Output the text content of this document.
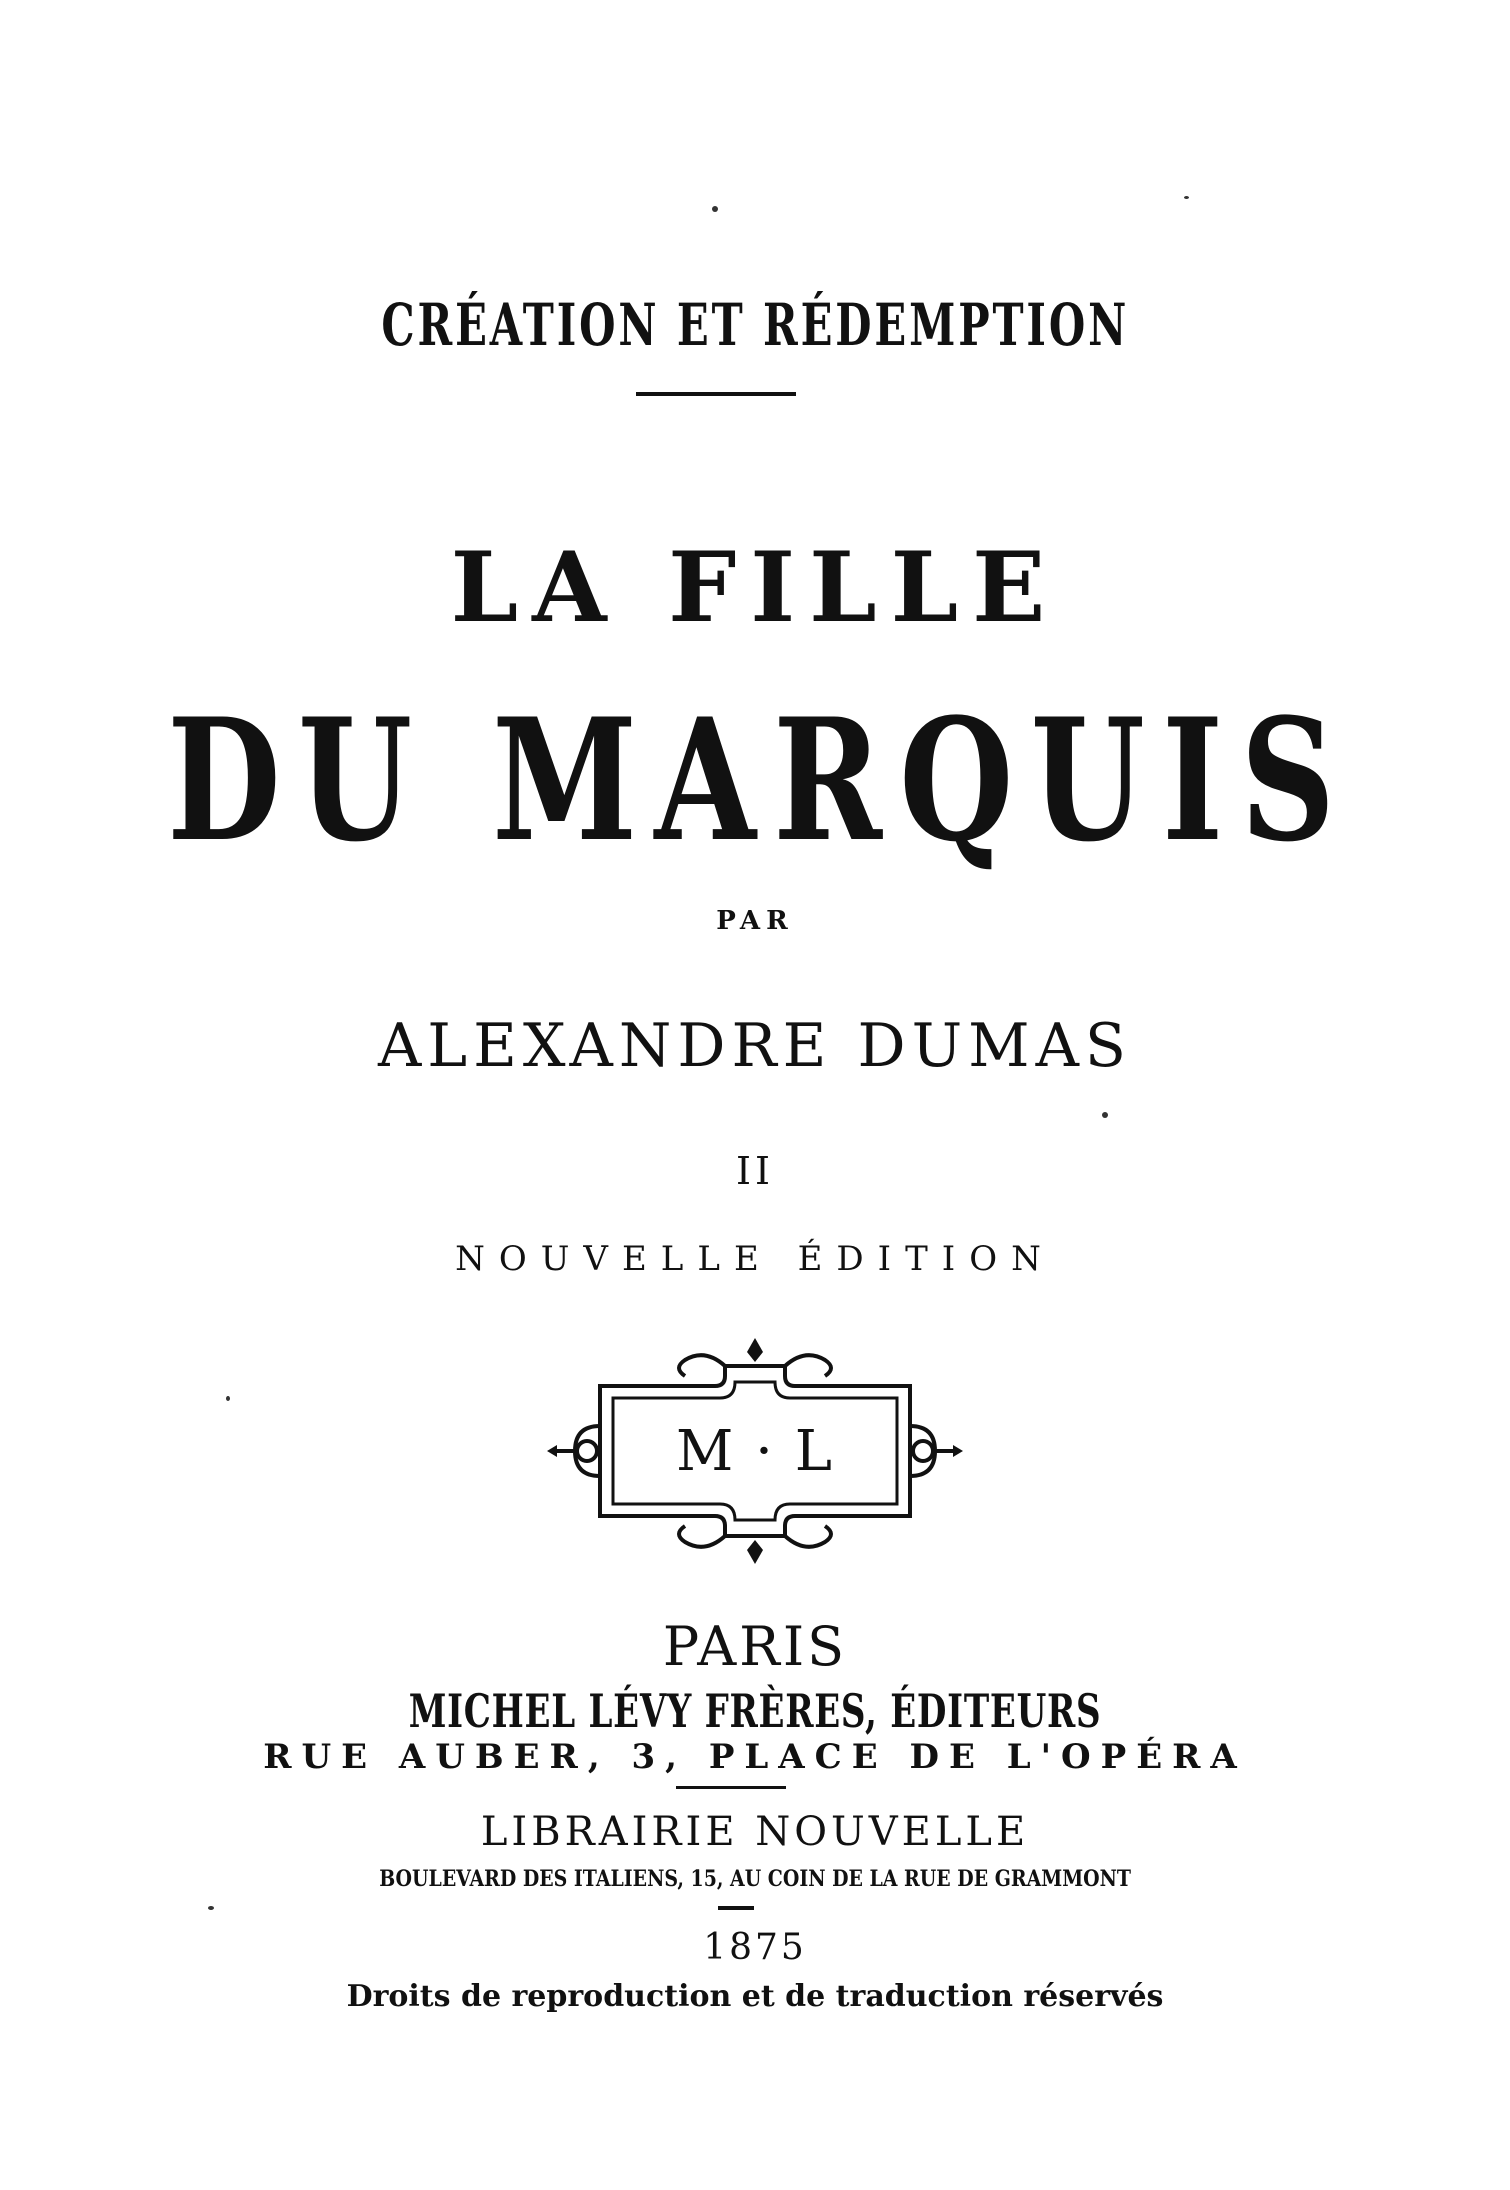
CRÉATION ET RÉDEMPTION
LA FILLE
DU MARQUIS
PAR
ALEXANDRE DUMAS
II
NOUVELLE ÉDITION
M · L
PARIS
MICHEL LÉVY FRÈRES, ÉDITEURS
RUE AUBER, 3, PLACE DE L'OPÉRA
LIBRAIRIE NOUVELLE
BOULEVARD DES ITALIENS, 15, AU COIN DE LA RUE DE GRAMMONT
1875
Droits de reproduction et de traduction réservés
